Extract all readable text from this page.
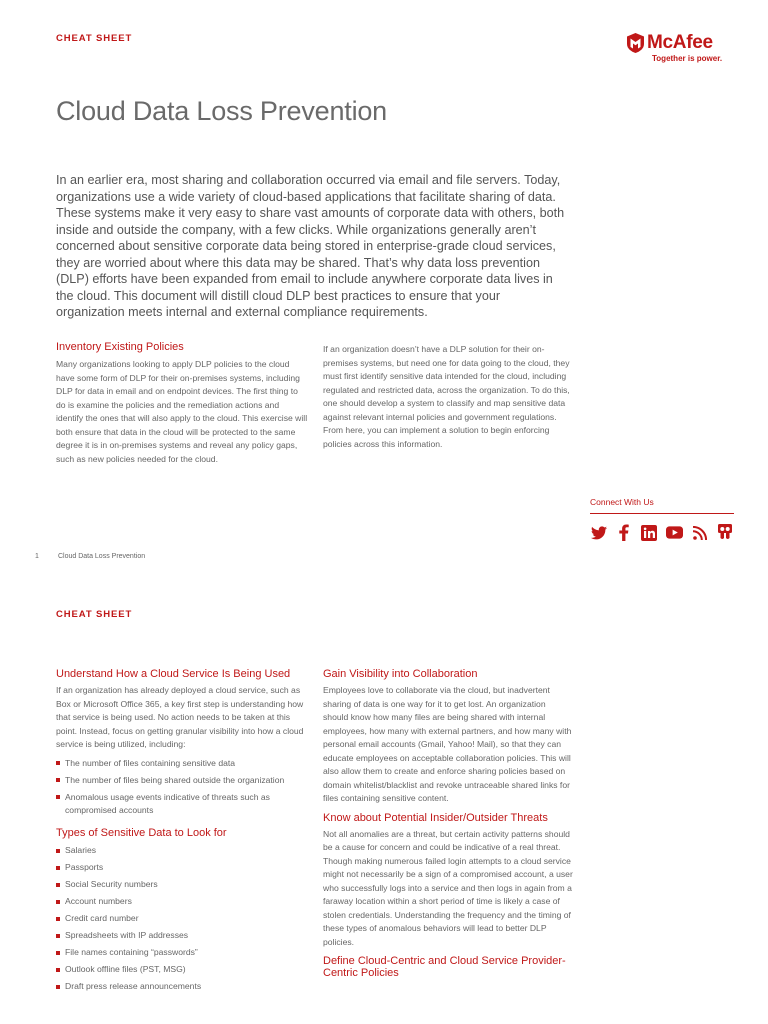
CHEAT SHEET	McAfee
Together is power.
Cloud Data Loss Prevention

In an earlier era, most sharing and collaboration occurred via email and file servers. Today, organizations use a wide variety of cloud-based applications that facilitate sharing of data. These systems make it very easy to share vast amounts of corporate data with others, both inside and outside the company, with a few clicks. While organizations generally aren’t concerned about sensitive corporate data being stored in enterprise-grade cloud services, they are worried about where this data may be shared. That’s why data loss prevention (DLP) efforts have been expanded from email to include anywhere corporate data lives in the cloud. This document will distill cloud DLP best practices to ensure that your organization meets internal and external compliance requirements.

Inventory Existing Policies

Many organizations looking to apply DLP policies to the cloud have some form of DLP for their on-premises systems, including DLP for data in email and on endpoint devices. The first thing to do is examine the policies and the remediation actions and identify the ones that will also apply to the cloud. This exercise will both ensure that data in the cloud will be protected to the same degree it is in on-premises systems and reveal any policy gaps, such as new policies needed for the cloud.

If an organization doesn’t have a DLP solution for their on-premises systems, but need one for data going to the cloud, they must first identify sensitive data intended for the cloud, including regulated and restricted data, across the organization. To do this, one should develop a system to classify and map sensitive data against relevant internal policies and government regulations. From here, you can implement a solution to begin enforcing policies across this information.

Connect With Us
1	Cloud Data Loss Prevention
CHEAT SHEET
Understand How a Cloud Service Is Being Used

If an organization has already deployed a cloud service, such as Box or Microsoft Office 365, a key first step is understanding how that service is being used. No action needs to be taken at this point. Instead, focus on getting granular visibility into how a cloud service is being utilized, including:

The number of files containing sensitive data
The number of files being shared outside the organization
Anomalous usage events indicative of threats such as compromised accounts
Types of Sensitive Data to Look for
Salaries
Passports
Social Security numbers
Account numbers
Credit card number
Spreadsheets with IP addresses
File names containing “passwords”
Outlook offline files (PST, MSG)
Draft press release announcements
Gain Visibility into Collaboration

Employees love to collaborate via the cloud, but inadvertent sharing of data is one way for it to get lost. An organization should know how many files are being shared with internal employees, how many with external partners, and how many with personal email accounts (Gmail, Yahoo! Mail), so that they can educate employees on acceptable collaboration policies. This will also allow them to create and enforce sharing policies based on domain whitelist/blacklist and revoke untraceable shared links for files containing sensitive content.

Know about Potential Insider/Outsider Threats

Not all anomalies are a threat, but certain activity patterns should be a cause for concern and could be indicative of a real threat. Though making numerous failed login attempts to a cloud service might not necessarily be a sign of a compromised account, a user who successfully logs into a service and then logs in again from a faraway location within a short period of time is likely a case of stolen credentials. Understanding the frequency and the timing of these types of anomalous behaviors will lead to better DLP policies.

Define Cloud-Centric and Cloud Service Provider-Centric Policies
